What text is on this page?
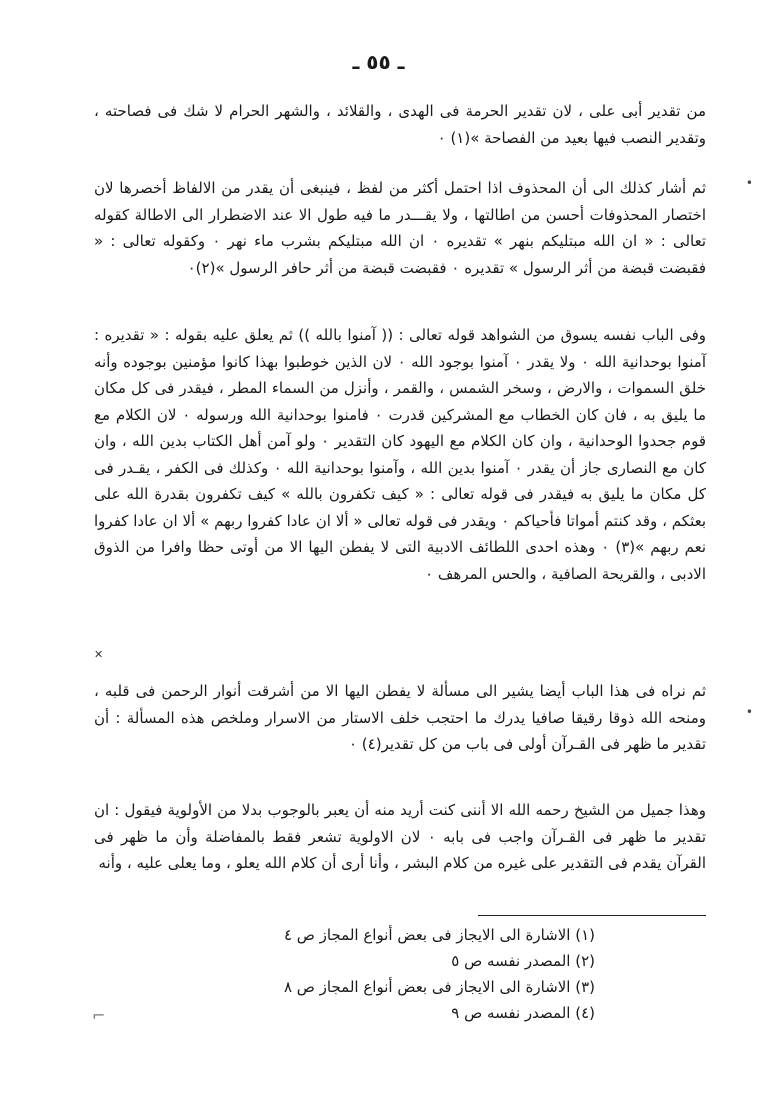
ـ ٥٥ ـ
من تقدير أبى على ، لان تقدير الحرمة فى الهدى ، والقلائد ، والشهر الحرام لا شك فى فصاحته ، وتقدير النصب فيها بعيد من الفصاحة »(١) ٠
ثم أشار كذلك الى أن المحذوف اذا احتمل أكثر من لفظ ، فينبغى أن يقدر من الالفاظ أخصرها لان اختصار المحذوفات أحسن من اطالتها ، ولا يقـــدر ما فيه طول الا عند الاضطرار الى الاطالة كقوله تعالى : « ان الله مبتليكم بنهر » تقديره ٠ ان الله مبتليكم بشرب ماء نهر ٠ وكقوله تعالى : « فقبضت قبضة من أثر الرسول » تقديره ٠ فقبضت قبضة من أثر حافر الرسول »(٢)٠
وفى الباب نفسه يسوق من الشواهد قوله تعالى : (( آمنوا بالله )) ثم يعلق عليه بقوله : « تقديره : آمنوا بوحدانية الله ٠ ولا يقدر ٠ آمنوا بوجود الله ٠ لان الذين خوطبوا بهذا كانوا مؤمنين بوجوده وأنه خلق السموات ، والارض ، وسخر الشمس ، والقمر ، وأنزل من السماء المطر ، فيقدر فى كل مكان ما يليق به ، فان كان الخطاب مع المشركين قدرت ٠ فامنوا بوحدانية الله ورسوله ٠ لان الكلام مع قوم جحدوا الوحدانية ، وان كان الكلام مع اليهود كان التقدير ٠ ولو آمن أهل الكتاب بدين الله ، وان كان مع النصارى جاز أن يقدر ٠ آمنوا بدين الله ، وآمنوا بوحدانية الله ٠ وكذلك فى الكفر ، يقـدر فى كل مكان ما يليق به فيقدر فى قوله تعالى : « كيف تكفرون بالله » كيف تكفرون بقدرة الله على بعثكم ، وقد كنتم أمواتا فأحياكم ٠ ويقدر فى قوله تعالى « ألا ان عادا كفروا ربهم » ألا ان عادا كفروا نعم ربهم »(٣) ٠ وهذه احدى اللطائف الادبية التى لا يفطن اليها الا من أوتى حظا وافرا من الذوق الادبى ، والقريحة الصافية ، والحس المرهف ٠
ثم نراه فى هذا الباب أيضا يشير الى مسألة لا يفطن اليها الا من أشرقت أنوار الرحمن فى قلبه ، ومنحه الله ذوقا رقيقا صافيا يدرك ما احتجب خلف الاستار من الاسرار وملخص هذه المسألة : أن تقدير ما ظهر فى القـرآن أولى فى باب من كل تقدير(٤) ٠
وهذا جميل من الشيخ رحمه الله الا أننى كنت أريد منه أن يعبر بالوجوب بدلا من الأولوية فيقول : ان تقدير ما ظهر فى القـرآن واجب فى بابه ٠ لان الاولوية تشعر فقط بالمفاضلة وأن ما ظهر فى القرآن يقدم فى التقدير على غيره من كلام البشر ، وأنا أرى أن كلام الله يعلو ، وما يعلى عليه ، وأنه
(١) الاشارة الى الايجاز فى بعض أنواع المجاز ص ٤
(٢) المصدر نفسه ص ٥
(٣) الاشارة الى الايجاز فى بعض أنواع المجاز ص ٨
(٤) المصدر نفسه ص ٩
•
•
⌐
✕
